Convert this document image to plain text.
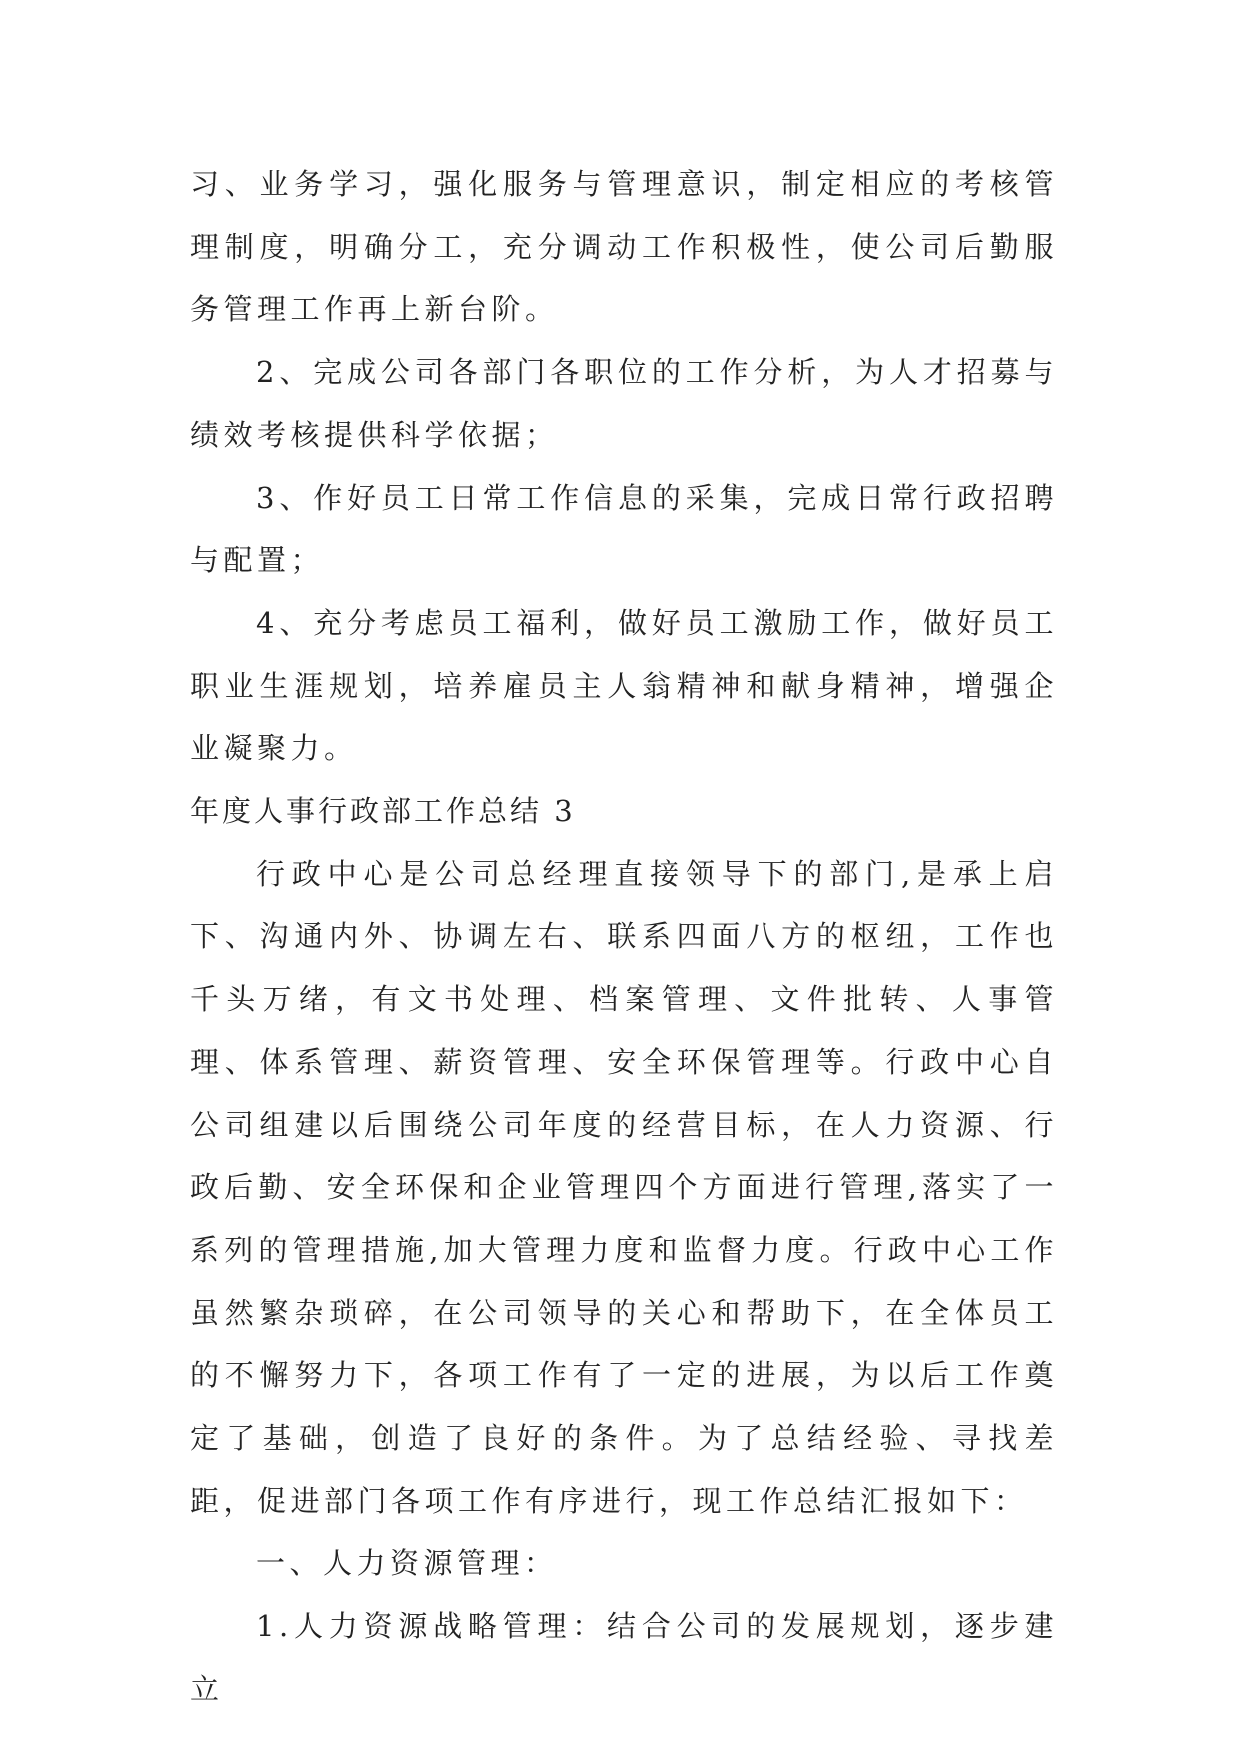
习、业务学习，强化服务与管理意识，制定相应的考核管理制度，明确分工，充分调动工作积极性，使公司后勤服务管理工作再上新台阶。

2、完成公司各部门各职位的工作分析，为人才招募与绩效考核提供科学依据；

3、作好员工日常工作信息的采集，完成日常行政招聘与配置；

4、充分考虑员工福利，做好员工激励工作，做好员工职业生涯规划，培养雇员主人翁精神和献身精神，增强企业凝聚力。

年度人事行政部工作总结 3

行政中心是公司总经理直接领导下的部门,是承上启下、沟通内外、协调左右、联系四面八方的枢纽，工作也千头万绪，有文书处理、档案管理、文件批转、人事管理、体系管理、薪资管理、安全环保管理等。行政中心自公司组建以后围绕公司年度的经营目标，在人力资源、行政后勤、安全环保和企业管理四个方面进行管理,落实了一系列的管理措施,加大管理力度和监督力度。行政中心工作虽然繁杂琐碎，在公司领导的关心和帮助下，在全体员工的不懈努力下，各项工作有了一定的进展，为以后工作奠定了基础，创造了良好的条件。为了总结经验、寻找差距，促进部门各项工作有序进行，现工作总结汇报如下：

一、人力资源管理：

1.人力资源战略管理：结合公司的发展规划，逐步建立
